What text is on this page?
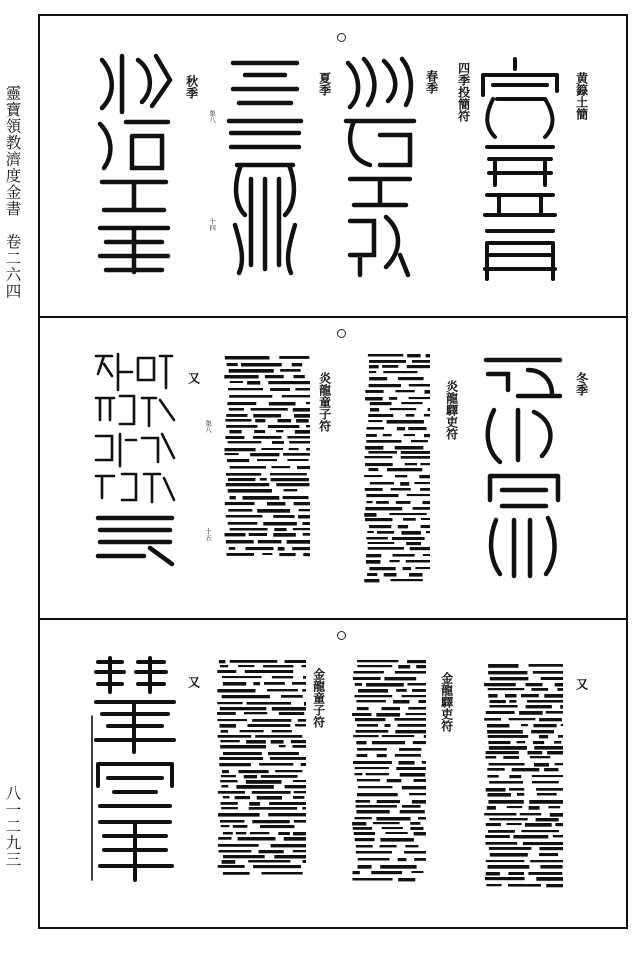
靈寶領教濟度金書　卷二六四
八一二九三
黄籙土簡
四季投簡符
春季
夏季
秋季
象八
十四
冬季
炎龍驛吏符
炎龍童子符
又
象八
十五
又
金龍驛吏符
金龍童子符
又
